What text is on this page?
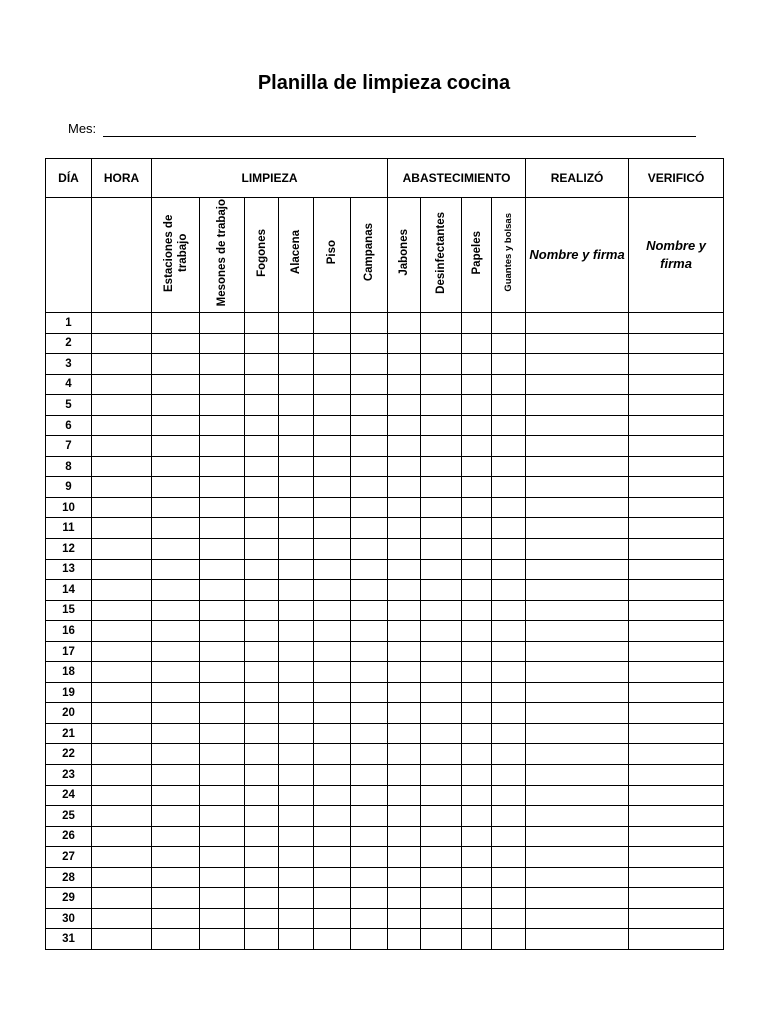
Planilla de limpieza cocina
Mes:
DÍA	HORA	LIMPIEZA						ABASTECIMIENTO				REALIZÓ	VERIFICÓ
		Estaciones de trabajo	Mesones de trabajo	Fogones	Alacena	Piso	Campanas	Jabones	Desinfectantes	Papeles	Guantes y bolsas	Nombre y firma	Nombre y firma

1													
2													
3													
4													
5													
6													
7													
8													
9													
10													
11													
12													
13													
14													
15													
16													
17													
18													
19													
20													
21													
22													
23													
24													
25													
26													
27													
28													
29													
30													
31													
